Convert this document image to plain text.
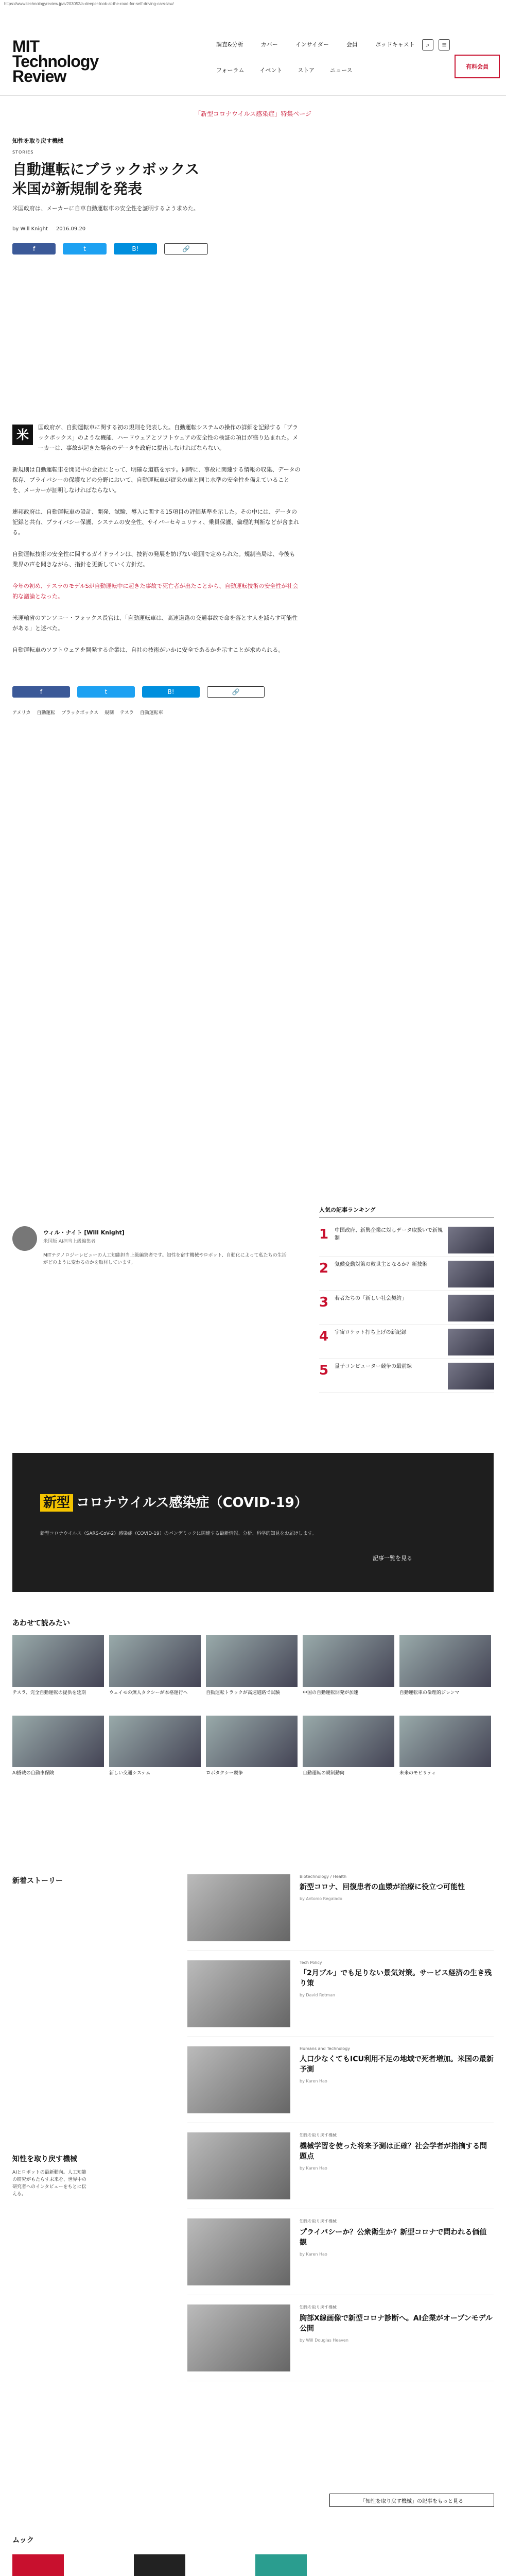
https://www.technologyreview.jp/s/203052/a-deeper-look-at-the-road-for-self-driving-cars-law/
MIT
Technology
Review
調査&分析	カバー	インサイダー	会員	ポッドキャスト
フォーラム	イベント	ストア	ニュース
⌕	≡
有料会員
「新型コロナウイルス感染症」特集ページ
知性を取り戻す機械
STORIES
自動運転にブラックボックス
米国が新規制を発表
米国政府は、メーカーに自車自動運転車の安全性を証明するよう求めた。
by Will Knight 2016.09.20
f	t	B!	🔗

米
国政府が、自動運転車に関する初の規則を発表した。自動運転システムの操作の詳細を記録する「ブラックボックス」のような機能、ハードウェアとソフトウェアの安全性の検証の項目が盛り込まれた。メーカーは、事故が起きた場合のデータを政府に提出しなければならない。

新規則は自動運転車を開発中の会社にとって、明確な道筋を示す。同時に、事故に関連する情報の収集、データの保存、プライバシーの保護などの分野において、自動運転車が従来の車と同じ水準の安全性を備えていることを、メーカーが証明しなければならない。

連邦政府は、自動運転車の設計、開発、試験、導入に関する15項目の評価基準を示した。その中には、データの記録と共有、プライバシー保護、システムの安全性、サイバーセキュリティ、乗員保護、倫理的判断などが含まれる。

自動運転技術の安全性に関するガイドラインは、技術の発展を妨げない範囲で定められた。規制当局は、今後も業界の声を聞きながら、指針を更新していく方針だ。

今年の初め、テスラのモデルSが自動運転中に起きた事故で死亡者が出たことから、自動運転技術の安全性が社会的な議論となった。

米運輸省のアンソニー・フォックス長官は、「自動運転車は、高速道路の交通事故で命を落とす人を減らす可能性がある」と述べた。

自動運転車のソフトウェアを開発する企業は、自社の技術がいかに安全であるかを示すことが求められる。

f	t	B!	🔗
アメリカ 自動運転 ブラックボックス 規制 テスラ 自動運転車
ウィル・ナイト [Will Knight]
米国版 AI担当上級編集者
MITテクノロジーレビューの人工知能担当上級編集者です。知性を宿す機械やロボット、自動化によって私たちの生活がどのように変わるのかを取材しています。
人気の記事ランキング
1 中国政府、新興企業に対しデータ取扱いで新規制
2 気候変動対策の救世主となるか？新技術
3 若者たちの「新しい社会契約」
4 宇宙ロケット打ち上げの新記録
5 量子コンピューター競争の最前線
新型 コロナウイルス感染症（COVID-19）
新型コロナウイルス（SARS-CoV-2）感染症（COVID-19）のパンデミックに関連する最新情報、分析、科学的知見をお届けします。
記事一覧を見る
あわせて読みたい
テスラ、完全自動運転の提供を延期	ウェイモの無人タクシーが本格運行へ	自動運転トラックが高速道路で試験	中国の自動運転開発が加速	自動運転車の倫理的ジレンマ
AI搭載の自動車保険	新しい交通システム	ロボタクシー競争	自動運転の規制動向	未来のモビリティ
新着ストーリー
Biotechnology / Health
新型コロナ、回復患者の血漿が治療に役立つ可能性
by Antonio Regalado
Tech Policy
「2月ブル」でも足りない景気対策。サービス経済の生き残り策
by David Rotman
Humans and Technology
人口少なくてもICU利用不足の地域で死者増加。米国の最新予測
by Karen Hao
知性を取り戻す機械
AIとロボットの最新動向。人工知能の研究がもたらす未来を、世界中の研究者へのインタビューをもとに伝える。
知性を取り戻す機械
機械学習を使った将来予測は正確？社会学者が指摘する問題点
by Karen Hao
知性を取り戻す機械
プライバシーか？公衆衛生か？新型コロナで問われる価値観
by Karen Hao
知性を取り戻す機械
胸部X線画像で新型コロナ診断へ。AI企業がオープンモデル公開
by Will Douglas Heaven
「知性を取り戻す機械」の記事をもっと見る
ムック
